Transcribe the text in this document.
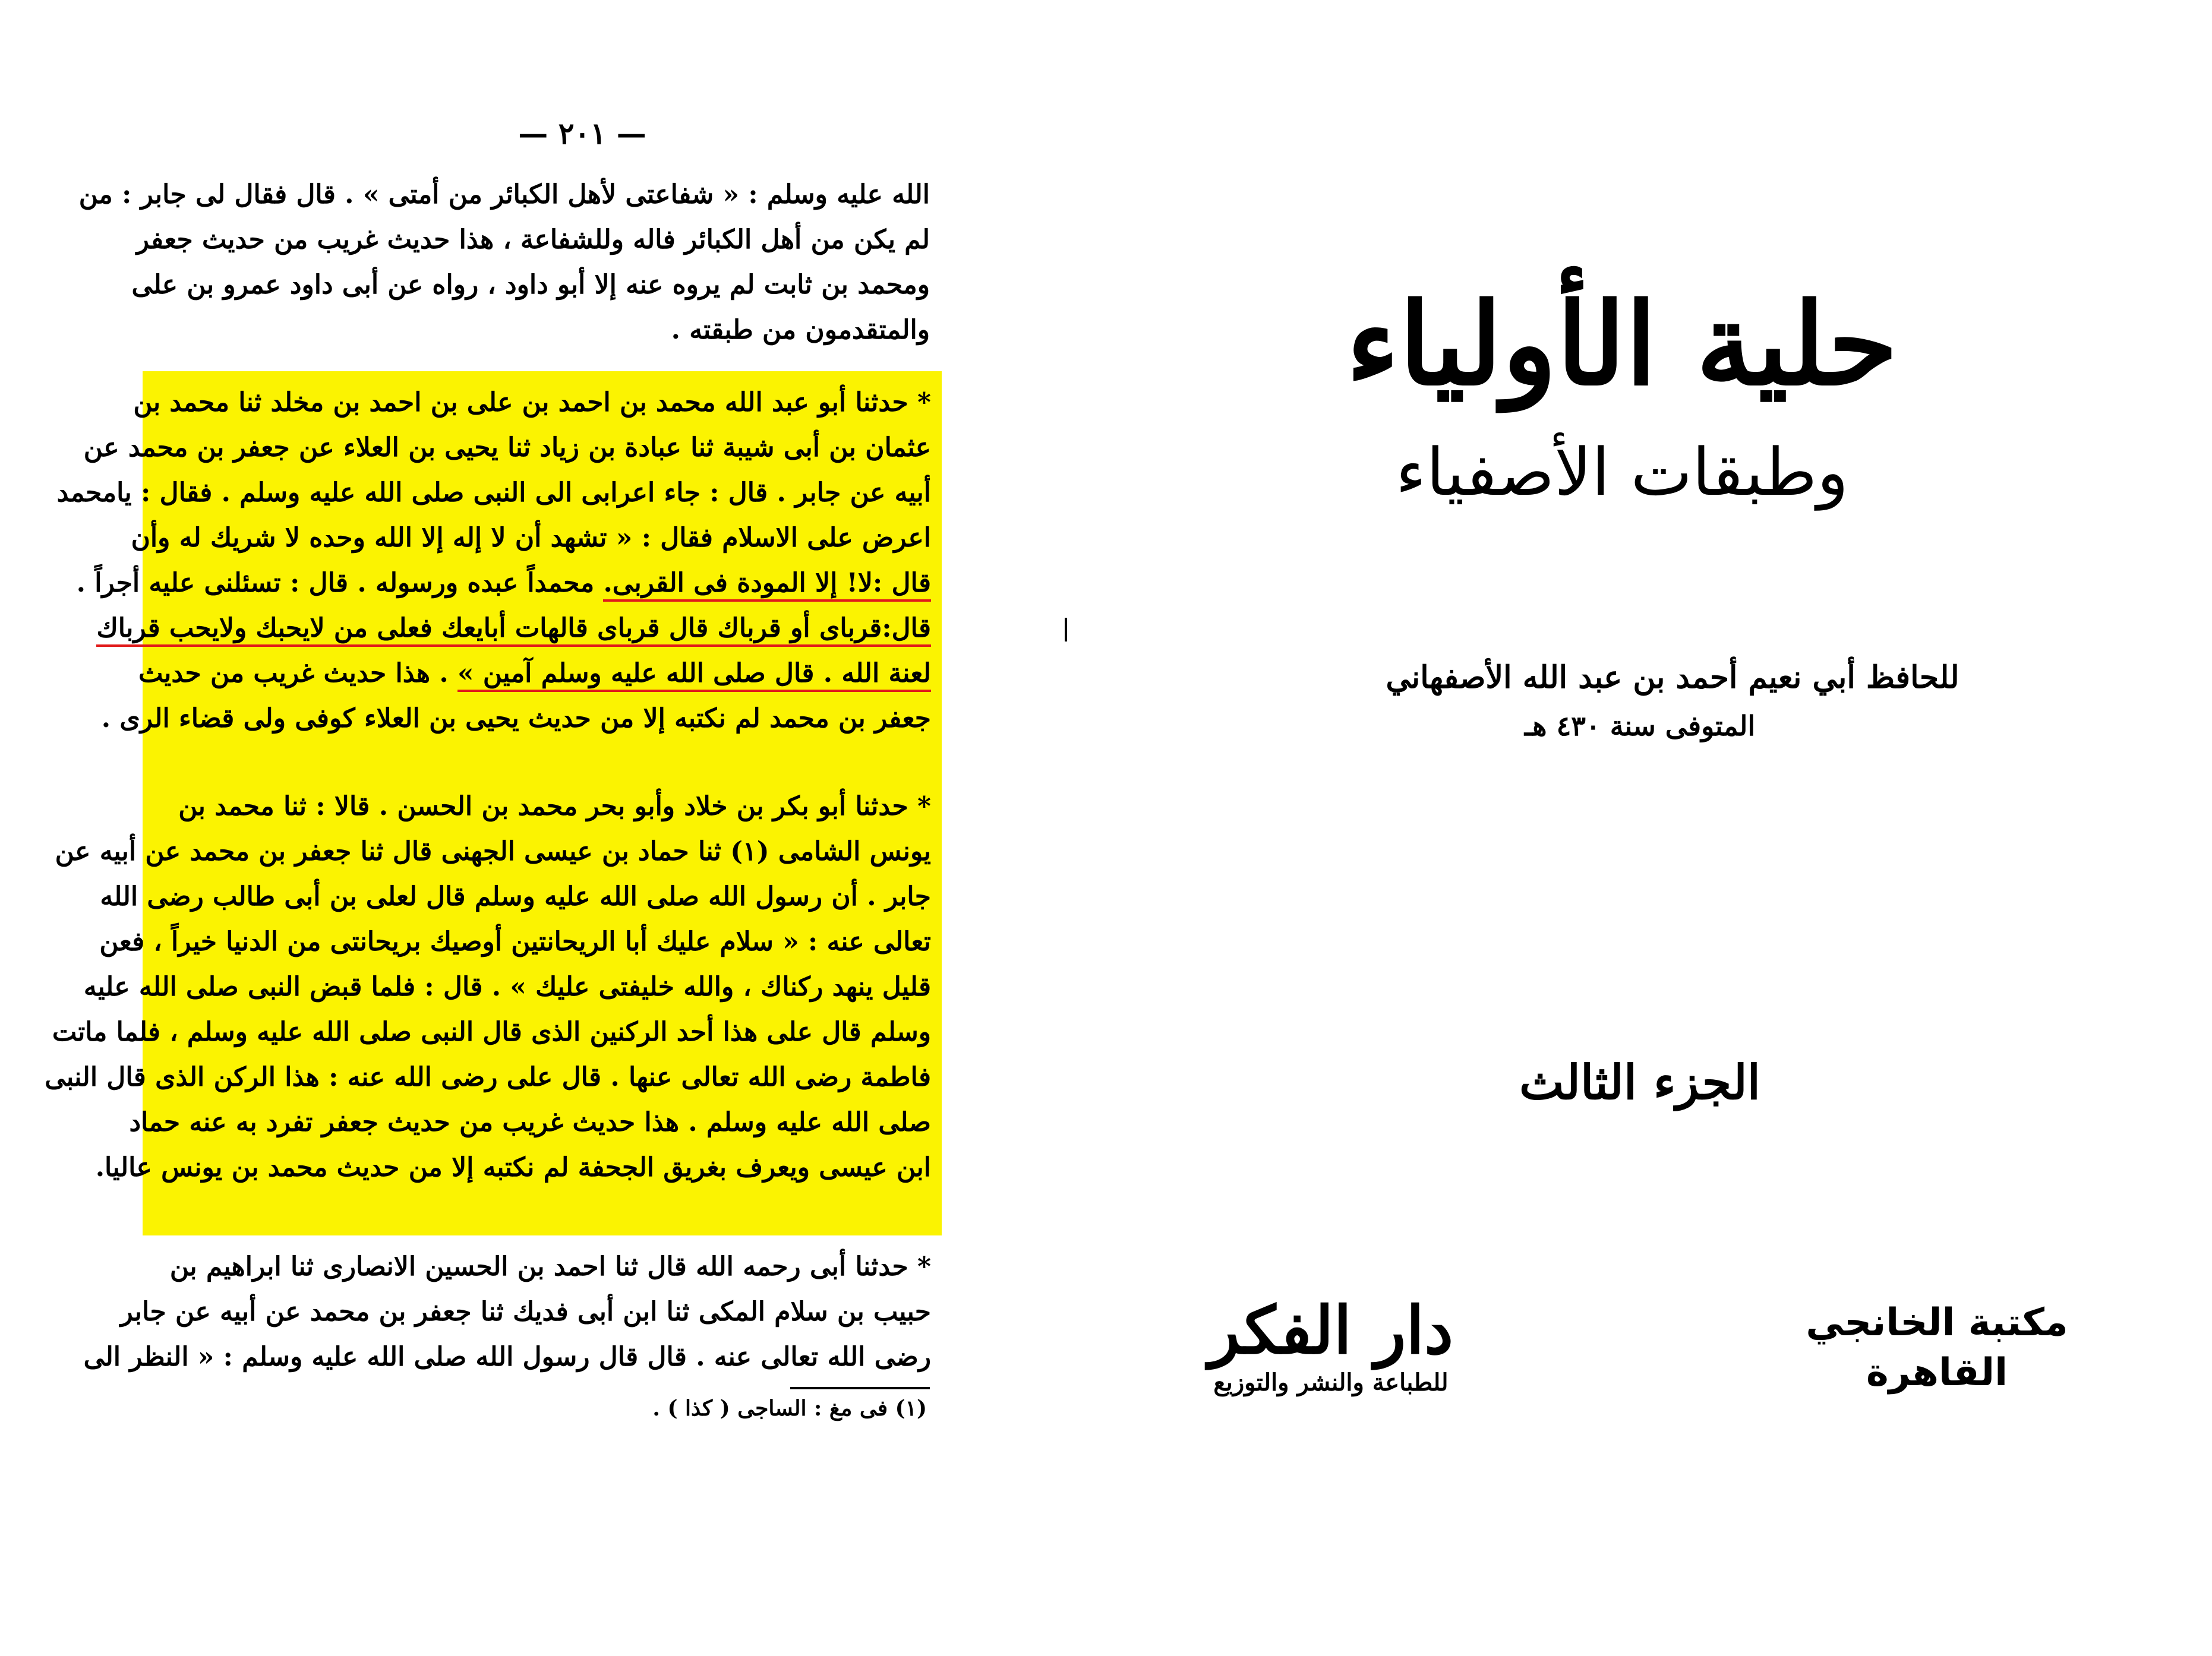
— ٢٠١ —
الله عليه وسلم : « شفاعتى لأهل الكبائر من أمتى » . قال فقال لى جابر : من
لم يكن من أهل الكبائر فاله وللشفاعة ، هذا حديث غريب من حديث جعفر
ومحمد بن ثابت لم يروه عنه إلا أبو داود ، رواه عن أبى داود عمرو بن على
والمتقدمون من طبقته .
* حدثنا أبو عبد الله محمد بن احمد بن على بن احمد بن مخلد ثنا محمد بن
عثمان بن أبى شيبة ثنا عبادة بن زياد ثنا يحيى بن العلاء عن جعفر بن محمد عن
أبيه عن جابر . قال : جاء اعرابى الى النبى صلى الله عليه وسلم . فقال : يامحمد
اعرض على الاسلام فقال : « تشهد أن لا إله إلا الله وحده لا شريك له وأن
قال :لا! إلا المودة فى القربى. محمداً عبده ورسوله . قال : تسئلنى عليه أجراً .
قال:قرباى أو قرباك قال قرباى قالهات أبايعك فعلى من لايحبك ولايحب قرباك
لعنة الله . قال صلى الله عليه وسلم آمين » . هذا حديث غريب من حديث
جعفر بن محمد لم نكتبه إلا من حديث يحيى بن العلاء كوفى ولى قضاء الرى .
* حدثنا أبو بكر بن خلاد وأبو بحر محمد بن الحسن . قالا : ثنا محمد بن
يونس الشامى (١) ثنا حماد بن عيسى الجهنى قال ثنا جعفر بن محمد عن أبيه عن
جابر . أن رسول الله صلى الله عليه وسلم قال لعلى بن أبى طالب رضى الله
تعالى عنه : « سلام عليك أبا الريحانتين أوصيك بريحانتى من الدنيا خيراً ، فعن
قليل ينهد ركناك ، والله خليفتى عليك » . قال : فلما قبض النبى صلى الله عليه
وسلم قال على هذا أحد الركنين الذى قال النبى صلى الله عليه وسلم ، فلما ماتت
فاطمة رضى الله تعالى عنها . قال على رضى الله عنه : هذا الركن الذى قال النبى
صلى الله عليه وسلم . هذا حديث غريب من حديث جعفر تفرد به عنه حماد
ابن عيسى ويعرف بغريق الجحفة لم نكتبه إلا من حديث محمد بن يونس عاليا.
* حدثنا أبى رحمه الله قال ثنا احمد بن الحسين الانصارى ثنا ابراهيم بن
حبيب بن سلام المكى ثنا ابن أبى فديك ثنا جعفر بن محمد عن أبيه عن جابر
رضى الله تعالى عنه . قال قال رسول الله صلى الله عليه وسلم : « النظر الى
(١) فى مغ : الساجى ( كذا ) .
حلية الأولياء
وطبقات الأصفياء
للحافظ أبي نعيم أحمد بن عبد الله الأصفهاني
المتوفى سنة ٤٣٠ هـ
الجزء الثالث
دار الفكر
للطباعة والنشر والتوزيع
مكتبة الخانجي
القاهرة
